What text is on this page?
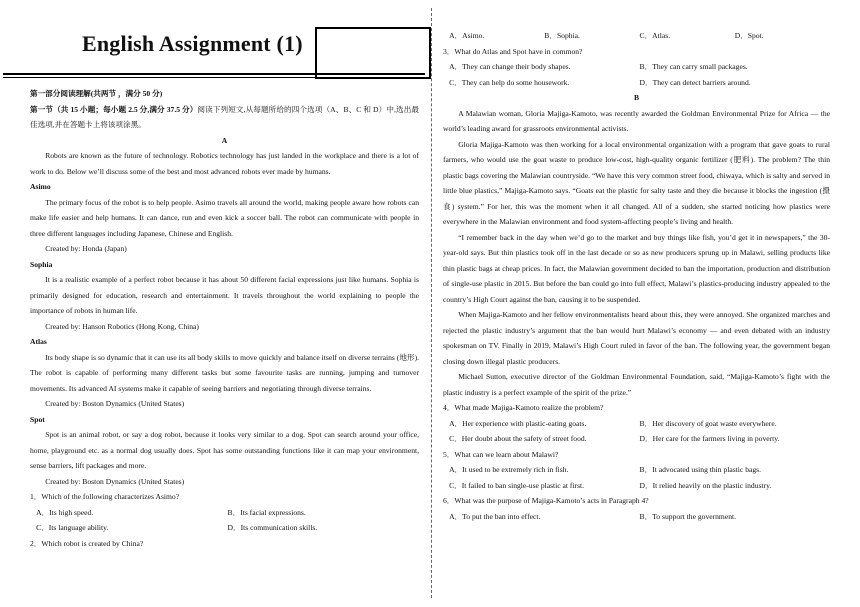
English Assignment (1)

第一部分阅读理解(共两节 ，满分 50 分)

第一节（共 15 小题；每小题 2.5 分,满分 37.5 分）阅读下列短文,从每题所给的四个选项（A、B、C 和 D）中,选出最佳选项,并在答题卡上将该项涂黑。

A

Robots are known as the future of technology. Robotics technology has just landed in the workplace and there is a lot of work to do. Below we’ll discuss some of the best and most advanced robots ever made by humans.

Asimo

The primary focus of the robot is to help people. Asimo travels all around the world, making people aware how robots can make life easier and help humans. It can dance, run and even kick a soccer ball. The robot can communicate with people in three different languages including Japanese, Chinese and English.

Created by: Honda (Japan)

Sophia

It is a realistic example of a perfect robot because it has about 50 different facial expressions just like humans. Sophia is primarily designed for education, research and entertainment. It travels throughout the world explaining to people the importance of robots in human life.

Created by: Hanson Robotics (Hong Kong, China)

Atlas

Its body shape is so dynamic that it can use its all body skills to move quickly and balance itself on diverse terrains (地形). The robot is capable of performing many different tasks but some favourite tasks are running, jumping and turnover movements. Its advanced AI systems make it capable of seeing barriers and negotiating through diverse terrains.

Created by: Boston Dynamics (United States)

Spot

Spot is an animal robot, or say a dog robot, because it looks very similar to a dog. Spot can search around your office, home, playground etc. as a normal dog usually does. Spot has some outstanding functions like it can map your environment, sense barriers, lift packages and more.

Created by: Boston Dynamics (United States)

1．Which of the following characterizes Asimo?

A．Its high speed.	B．Its facial expressions.
C．Its language ability.	D．Its communication skills.

2．Which robot is created by China?

A．Asimo.	B．Sophia.	C．Atlas.	D．Spot.

3．What do Atlas and Spot have in common?

A．They can change their body shapes.	B．They can carry small packages.
C．They can help do some housework.	D．They can detect barriers around.

B

A Malawian woman, Gloria Majiga-Kamoto, was recently awarded the Goldman Environmental Prize for Africa — the world’s leading award for grassroots environmental activists.

Gloria Majiga-Kamoto was then working for a local environmental organization with a program that gave goats to rural farmers, who would use the goat waste to produce low-cost, high-quality organic fertilizer (肥料). The problem? The thin plastic bags covering the Malawian countryside. “We have this very common street food, chiwaya, which is salty and served in little blue plastics,” Majiga-Kamoto says. “Goats eat the plastic for salty taste and they die because it blocks the ingestion (摄食) system.” For her, this was the moment when it all changed. All of a sudden, she started noticing how plastics were everywhere in the Malawian environment and food system-affecting people’s living and health.

“I remember back in the day when we’d go to the market and buy things like fish, you’d get it in newspapers,” the 30-year-old says. But thin plastics took off in the last decade or so as new producers sprung up in Malawi, selling products like thin plastic bags at cheap prices. In fact, the Malawian government decided to ban the importation, production and distribution of single-use plastic in 2015. But before the ban could go into full effect, Malawi’s plastics-producing industry appealed to the country’s High Court against the ban, causing it to be suspended.

When Majiga-Kamoto and her fellow environmentalists heard about this, they were annoyed. She organized marches and rejected the plastic industry’s argument that the ban would hurt Malawi’s economy — and even debated with an industry spokesman on TV. Finally in 2019, Malawi’s High Court ruled in favor of the ban. The following year, the government began closing down illegal plastic producers.

Michael Sutton, executive director of the Goldman Environmental Foundation, said, “Majiga-Kamoto’s fight with the plastic industry is a perfect example of the spirit of the prize.”

4．What made Majiga-Kamoto realize the problem?

A．Her experience with plastic-eating goats.	B．Her discovery of goat waste everywhere.
C．Her doubt about the safety of street food.	D．Her care for the farmers living in poverty.

5．What can we learn about Malawi?

A．It used to be extremely rich in fish.	B．It advocated using thin plastic bags.
C．It failed to ban single-use plastic at first.	D．It relied heavily on the plastic industry.

6．What was the purpose of Majiga-Kamoto’s acts in Paragraph 4?

A．To put the ban into effect.	B．To support the government.
